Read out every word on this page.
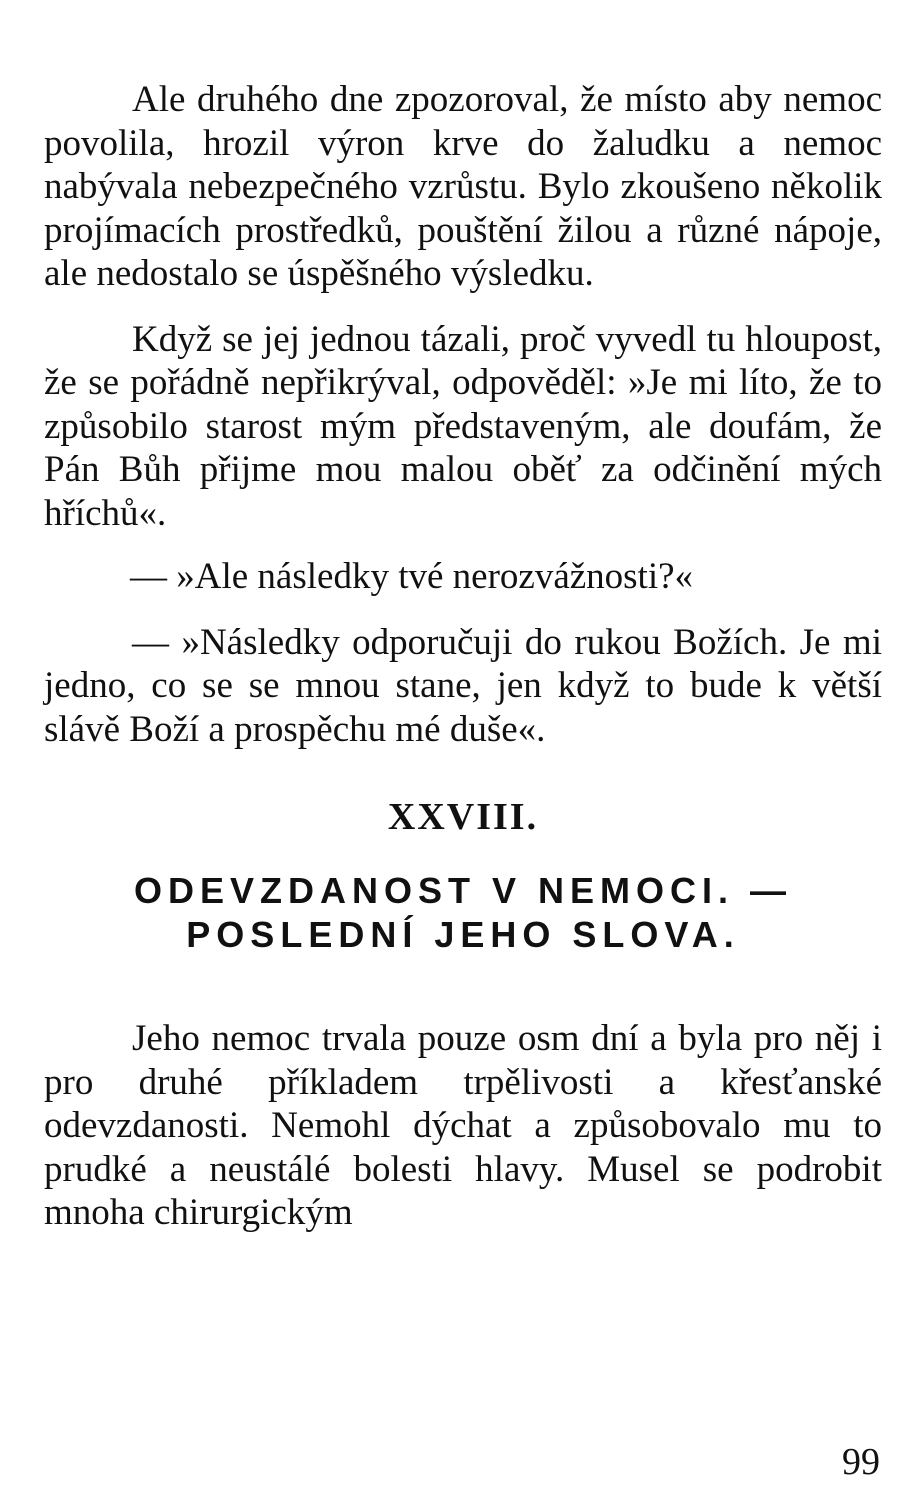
Ale druhého dne zpozoroval, že místo aby nemoc povolila, hrozil výron krve do žaludku a nemoc nabývala nebezpečného vzrůstu. Bylo zkoušeno několik projímacích prostředků, pouštění žilou a různé nápoje, ale nedostalo se úspěšného výsledku.

Když se jej jednou tázali, proč vyvedl tu hloupost, že se pořádně nepřikrýval, odpověděl: »Je mi líto, že to způsobilo starost mým představeným, ale doufám, že Pán Bůh přijme mou malou oběť za odčinění mých hříchů«.

— »Ale následky tvé nerozvážnosti?«

— »Následky odporučuji do rukou Božích. Je mi jedno, co se se mnou stane, jen když to bude k větší slávě Boží a prospěchu mé duše«.

XXVIII.
ODEVZDANOST V NEMOCI. —
POSLEDNÍ JEHO SLOVA.

Jeho nemoc trvala pouze osm dní a byla pro něj i pro druhé příkladem trpělivosti a křesťanské odevzdanosti. Nemohl dýchat a způsobovalo mu to prudké a neustálé bolesti hlavy. Musel se podrobit mnoha chirurgickým

99
